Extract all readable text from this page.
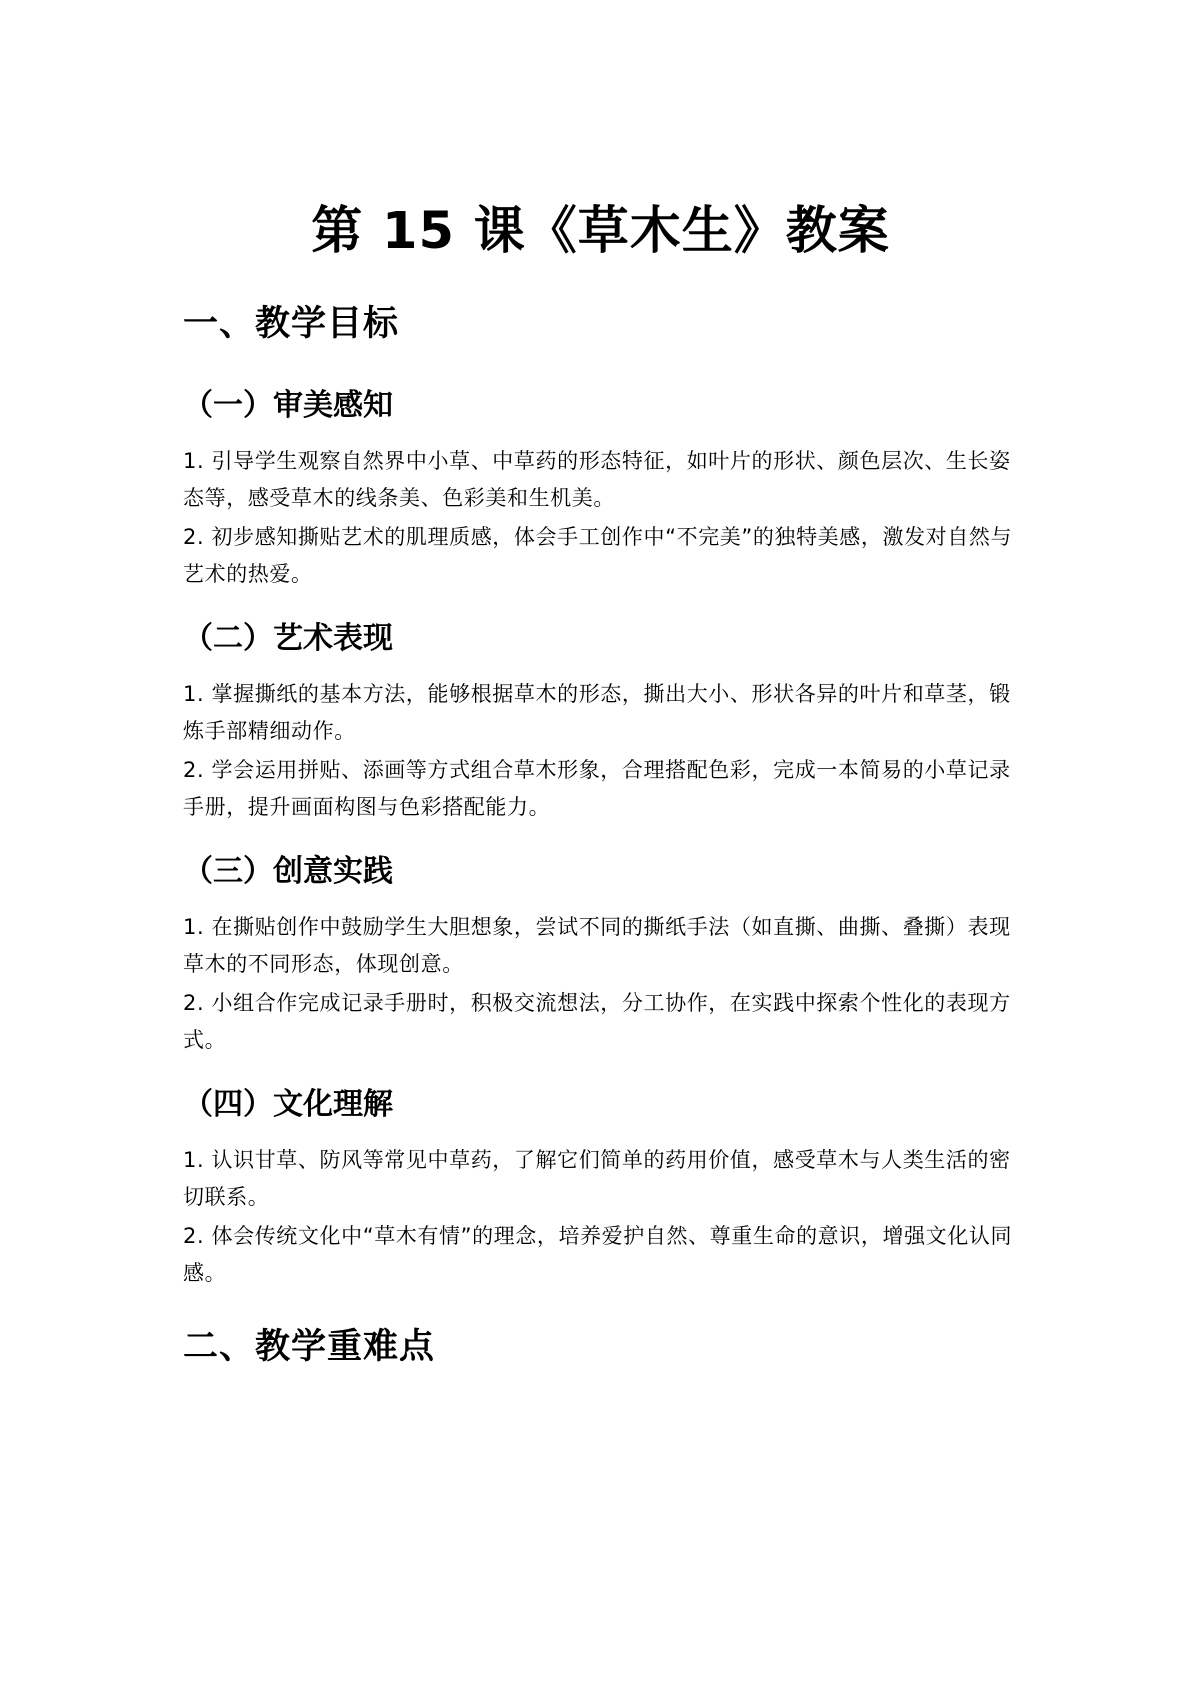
第 15 课《草木生》教案
一、教学目标
（一）审美感知

1. 引导学生观察自然界中小草、中草药的形态特征，如叶片的形状、颜色层次、生长姿态等，感受草木的线条美、色彩美和生机美。

2. 初步感知撕贴艺术的肌理质感，体会手工创作中“不完美”的独特美感，激发对自然与艺术的热爱。

（二）艺术表现

1. 掌握撕纸的基本方法，能够根据草木的形态，撕出大小、形状各异的叶片和草茎，锻炼手部精细动作。

2. 学会运用拼贴、添画等方式组合草木形象，合理搭配色彩，完成一本简易的小草记录手册，提升画面构图与色彩搭配能力。

（三）创意实践

1. 在撕贴创作中鼓励学生大胆想象，尝试不同的撕纸手法（如直撕、曲撕、叠撕）表现草木的不同形态，体现创意。

2. 小组合作完成记录手册时，积极交流想法，分工协作，在实践中探索个性化的表现方式。

（四）文化理解

1. 认识甘草、防风等常见中草药，了解它们简单的药用价值，感受草木与人类生活的密切联系。

2. 体会传统文化中“草木有情”的理念，培养爱护自然、尊重生命的意识，增强文化认同感。

二、教学重难点
